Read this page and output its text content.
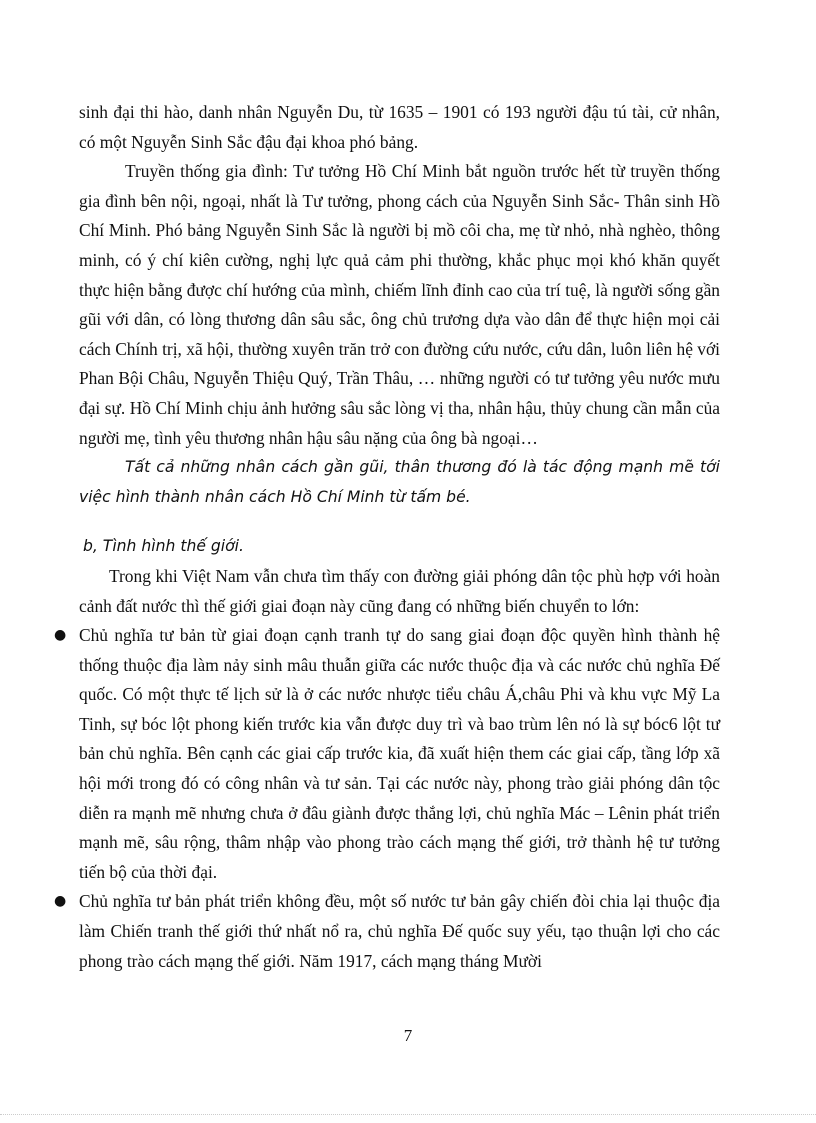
sinh đại thi hào, danh nhân Nguyễn Du, từ 1635 – 1901 có 193 người đậu tú tài, cử nhân, có một Nguyễn Sinh Sắc đậu đại khoa phó bảng.

Truyền thống gia đình: Tư tưởng Hồ Chí Minh bắt nguồn trước hết từ truyền thống gia đình bên nội, ngoại, nhất là Tư tưởng, phong cách của Nguyễn Sinh Sắc- Thân sinh Hồ Chí Minh. Phó bảng Nguyễn Sinh Sắc là người bị mồ côi cha, mẹ từ nhỏ, nhà nghèo, thông minh, có ý chí kiên cường, nghị lực quả cảm phi thường, khắc phục mọi khó khăn quyết thực hiện bằng được chí hướng của mình, chiếm lĩnh đỉnh cao của trí tuệ, là người sống gần gũi với dân, có lòng thương dân sâu sắc, ông chủ trương dựa vào dân để thực hiện mọi cải cách Chính trị, xã hội, thường xuyên trăn trở con đường cứu nước, cứu dân, luôn liên hệ với Phan Bội Châu, Nguyễn Thiệu Quý, Trần Thâu, … những người có tư tưởng yêu nước mưu đại sự. Hồ Chí Minh chịu ảnh hưởng sâu sắc lòng vị tha, nhân hậu, thủy chung cần mẫn của người mẹ, tình yêu thương nhân hậu sâu nặng của ông bà ngoại…

Tất cả những nhân cách gần gũi, thân thương đó là tác động mạnh mẽ tới việc hình thành nhân cách Hồ Chí Minh từ tấm bé.

b, Tình hình thế giới.

Trong khi Việt Nam vẫn chưa tìm thấy con đường giải phóng dân tộc phù hợp với hoàn cảnh đất nước thì thế giới giai đoạn này cũng đang có những biến chuyển to lớn:

● Chủ nghĩa tư bản từ giai đoạn cạnh tranh tự do sang giai đoạn độc quyền hình thành hệ thống thuộc địa làm nảy sinh mâu thuẫn giữa các nước thuộc địa và các nước chủ nghĩa Đế quốc. Có một thực tế lịch sử là ở các nước nhược tiểu châu Á,châu Phi và khu vực Mỹ La Tinh, sự bóc lột phong kiến trước kia vẫn được duy trì và bao trùm lên nó là sự bóc6 lột tư bản chủ nghĩa. Bên cạnh các giai cấp trước kia, đã xuất hiện them các giai cấp, tầng lớp xã hội mới trong đó có công nhân và tư sản. Tại các nước này, phong trào giải phóng dân tộc diễn ra mạnh mẽ nhưng chưa ở đâu giành được thắng lợi, chủ nghĩa Mác – Lênin phát triển mạnh mẽ, sâu rộng, thâm nhập vào phong trào cách mạng thế giới, trở thành hệ tư tưởng tiến bộ của thời đại.

● Chủ nghĩa tư bản phát triển không đều, một số nước tư bản gây chiến đòi chia lại thuộc địa làm Chiến tranh thế giới thứ nhất nổ ra, chủ nghĩa Đế quốc suy yếu, tạo thuận lợi cho các phong trào cách mạng thế giới. Năm 1917, cách mạng tháng Mười

7
